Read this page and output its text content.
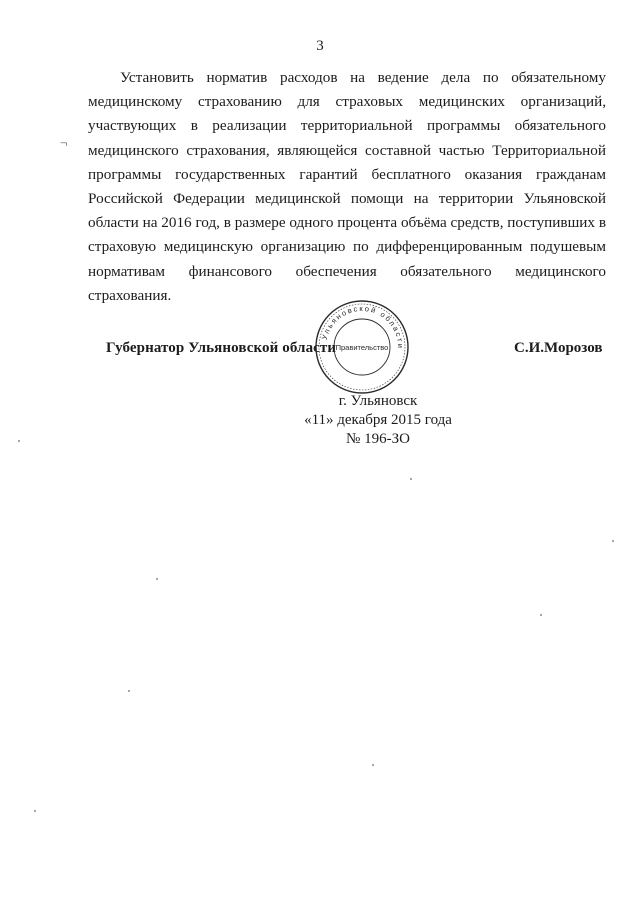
3
¬

Установить норматив расходов на ведение дела по обязательному медицинскому страхованию для страховых медицинских организаций, участвующих в реализации территориальной программы обязательного медицинского страхования, являющейся составной частью Территориальной программы государственных гарантий бесплатного оказания гражданам Российской Федерации медицинской помощи на территории Ульяновской области на 2016 год, в размере одного процента объёма средств, поступивших в страховую медицинскую организацию по дифференцированным подушевым нормативам финансового обеспечения обязательного медицинского страхования.

Губернатор Ульяновской области
Ульяновской области
Правительство	С.И.Морозов
г. Ульяновск
«11» декабря 2015 года
№ 196-ЗО
